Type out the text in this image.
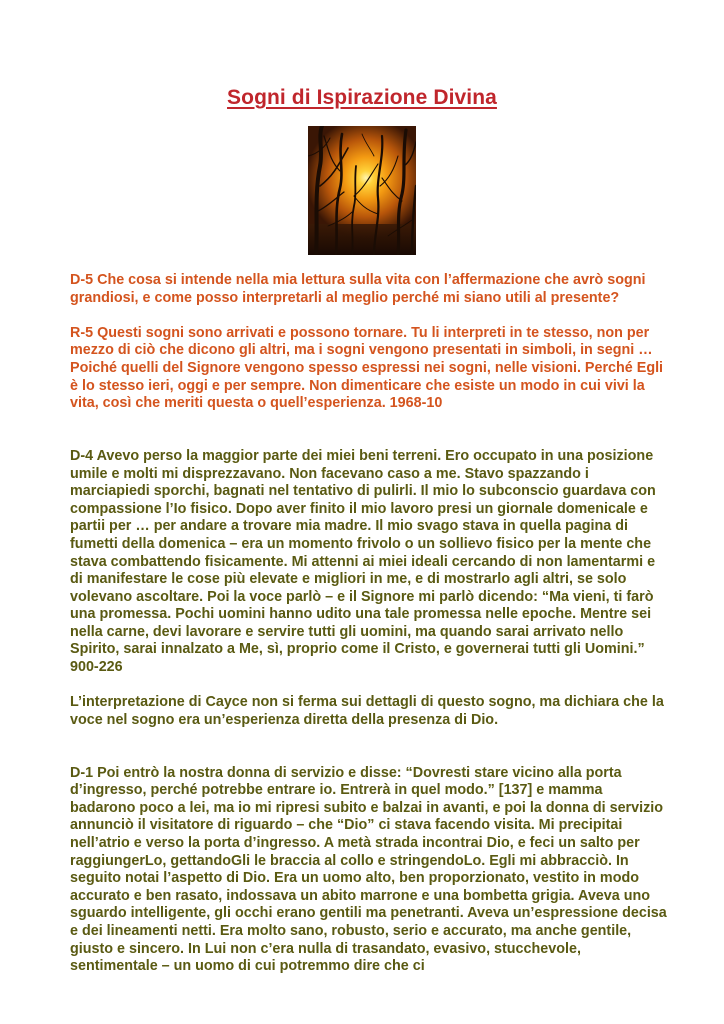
Sogni di Ispirazione Divina

D-5 Che cosa si intende nella mia lettura sulla vita con l’affermazione che avrò sogni grandiosi, e come posso interpretarli al meglio perché mi siano utili al presente?

R-5 Questi sogni sono arrivati e possono tornare. Tu li interpreti in te stesso, non per mezzo di ciò che dicono gli altri, ma i sogni vengono presentati in simboli, in segni … Poiché quelli del Signore vengono spesso espressi nei sogni, nelle visioni. Perché Egli è lo stesso ieri, oggi e per sempre. Non dimenticare che esiste un modo in cui vivi la vita, così che meriti questa o quell’esperienza. 1968-10

D-4 Avevo perso la maggior parte dei miei beni terreni. Ero occupato in una posizione umile e molti mi disprezzavano. Non facevano caso a me. Stavo spazzando i marciapiedi sporchi, bagnati nel tentativo di pulirli. Il mio lo subconscio guardava con compassione l’Io fisico. Dopo aver finito il mio lavoro presi un giornale domenicale e partii per … per andare a trovare mia madre. Il mio svago stava in quella pagina di fumetti della domenica – era un momento frivolo o un sollievo fisico per la mente che stava combattendo fisicamente. Mi attenni ai miei ideali cercando di non lamentarmi e di manifestare le cose più elevate e migliori in me, e di mostrarlo agli altri, se solo volevano ascoltare. Poi la voce parlò – e il Signore mi parlò dicendo: “Ma vieni, ti farò una promessa. Pochi uomini hanno udito una tale promessa nelle epoche. Mentre sei nella carne, devi lavorare e servire tutti gli uomini, ma quando sarai arrivato nello Spirito, sarai innalzato a Me, sì, proprio come il Cristo, e governerai tutti gli Uomini.” 900-226

L’interpretazione di Cayce non si ferma sui dettagli di questo sogno, ma dichiara che la voce nel sogno era un’esperienza diretta della presenza di Dio.

D-1 Poi entrò la nostra donna di servizio e disse: “Dovresti stare vicino alla porta d’ingresso, perché potrebbe entrare io. Entrerà in quel modo.” [137] e mamma badarono poco a lei, ma io mi ripresi subito e balzai in avanti, e poi la donna di servizio annunciò il visitatore di riguardo – che “Dio” ci stava facendo visita. Mi precipitai nell’atrio e verso la porta d’ingresso. A metà strada incontrai Dio, e feci un salto per raggiungerLo, gettandoGli le braccia al collo e stringendoLo. Egli mi abbracciò. In seguito notai l’aspetto di Dio. Era un uomo alto, ben proporzionato, vestito in modo accurato e ben rasato, indossava un abito marrone e una bombetta grigia. Aveva uno sguardo intelligente, gli occhi erano gentili ma penetranti. Aveva un’espressione decisa e dei lineamenti netti. Era molto sano, robusto, serio e accurato, ma anche gentile, giusto e sincero. In Lui non c’era nulla di trasandato, evasivo, stucchevole, sentimentale – un uomo di cui potremmo dire che ci
